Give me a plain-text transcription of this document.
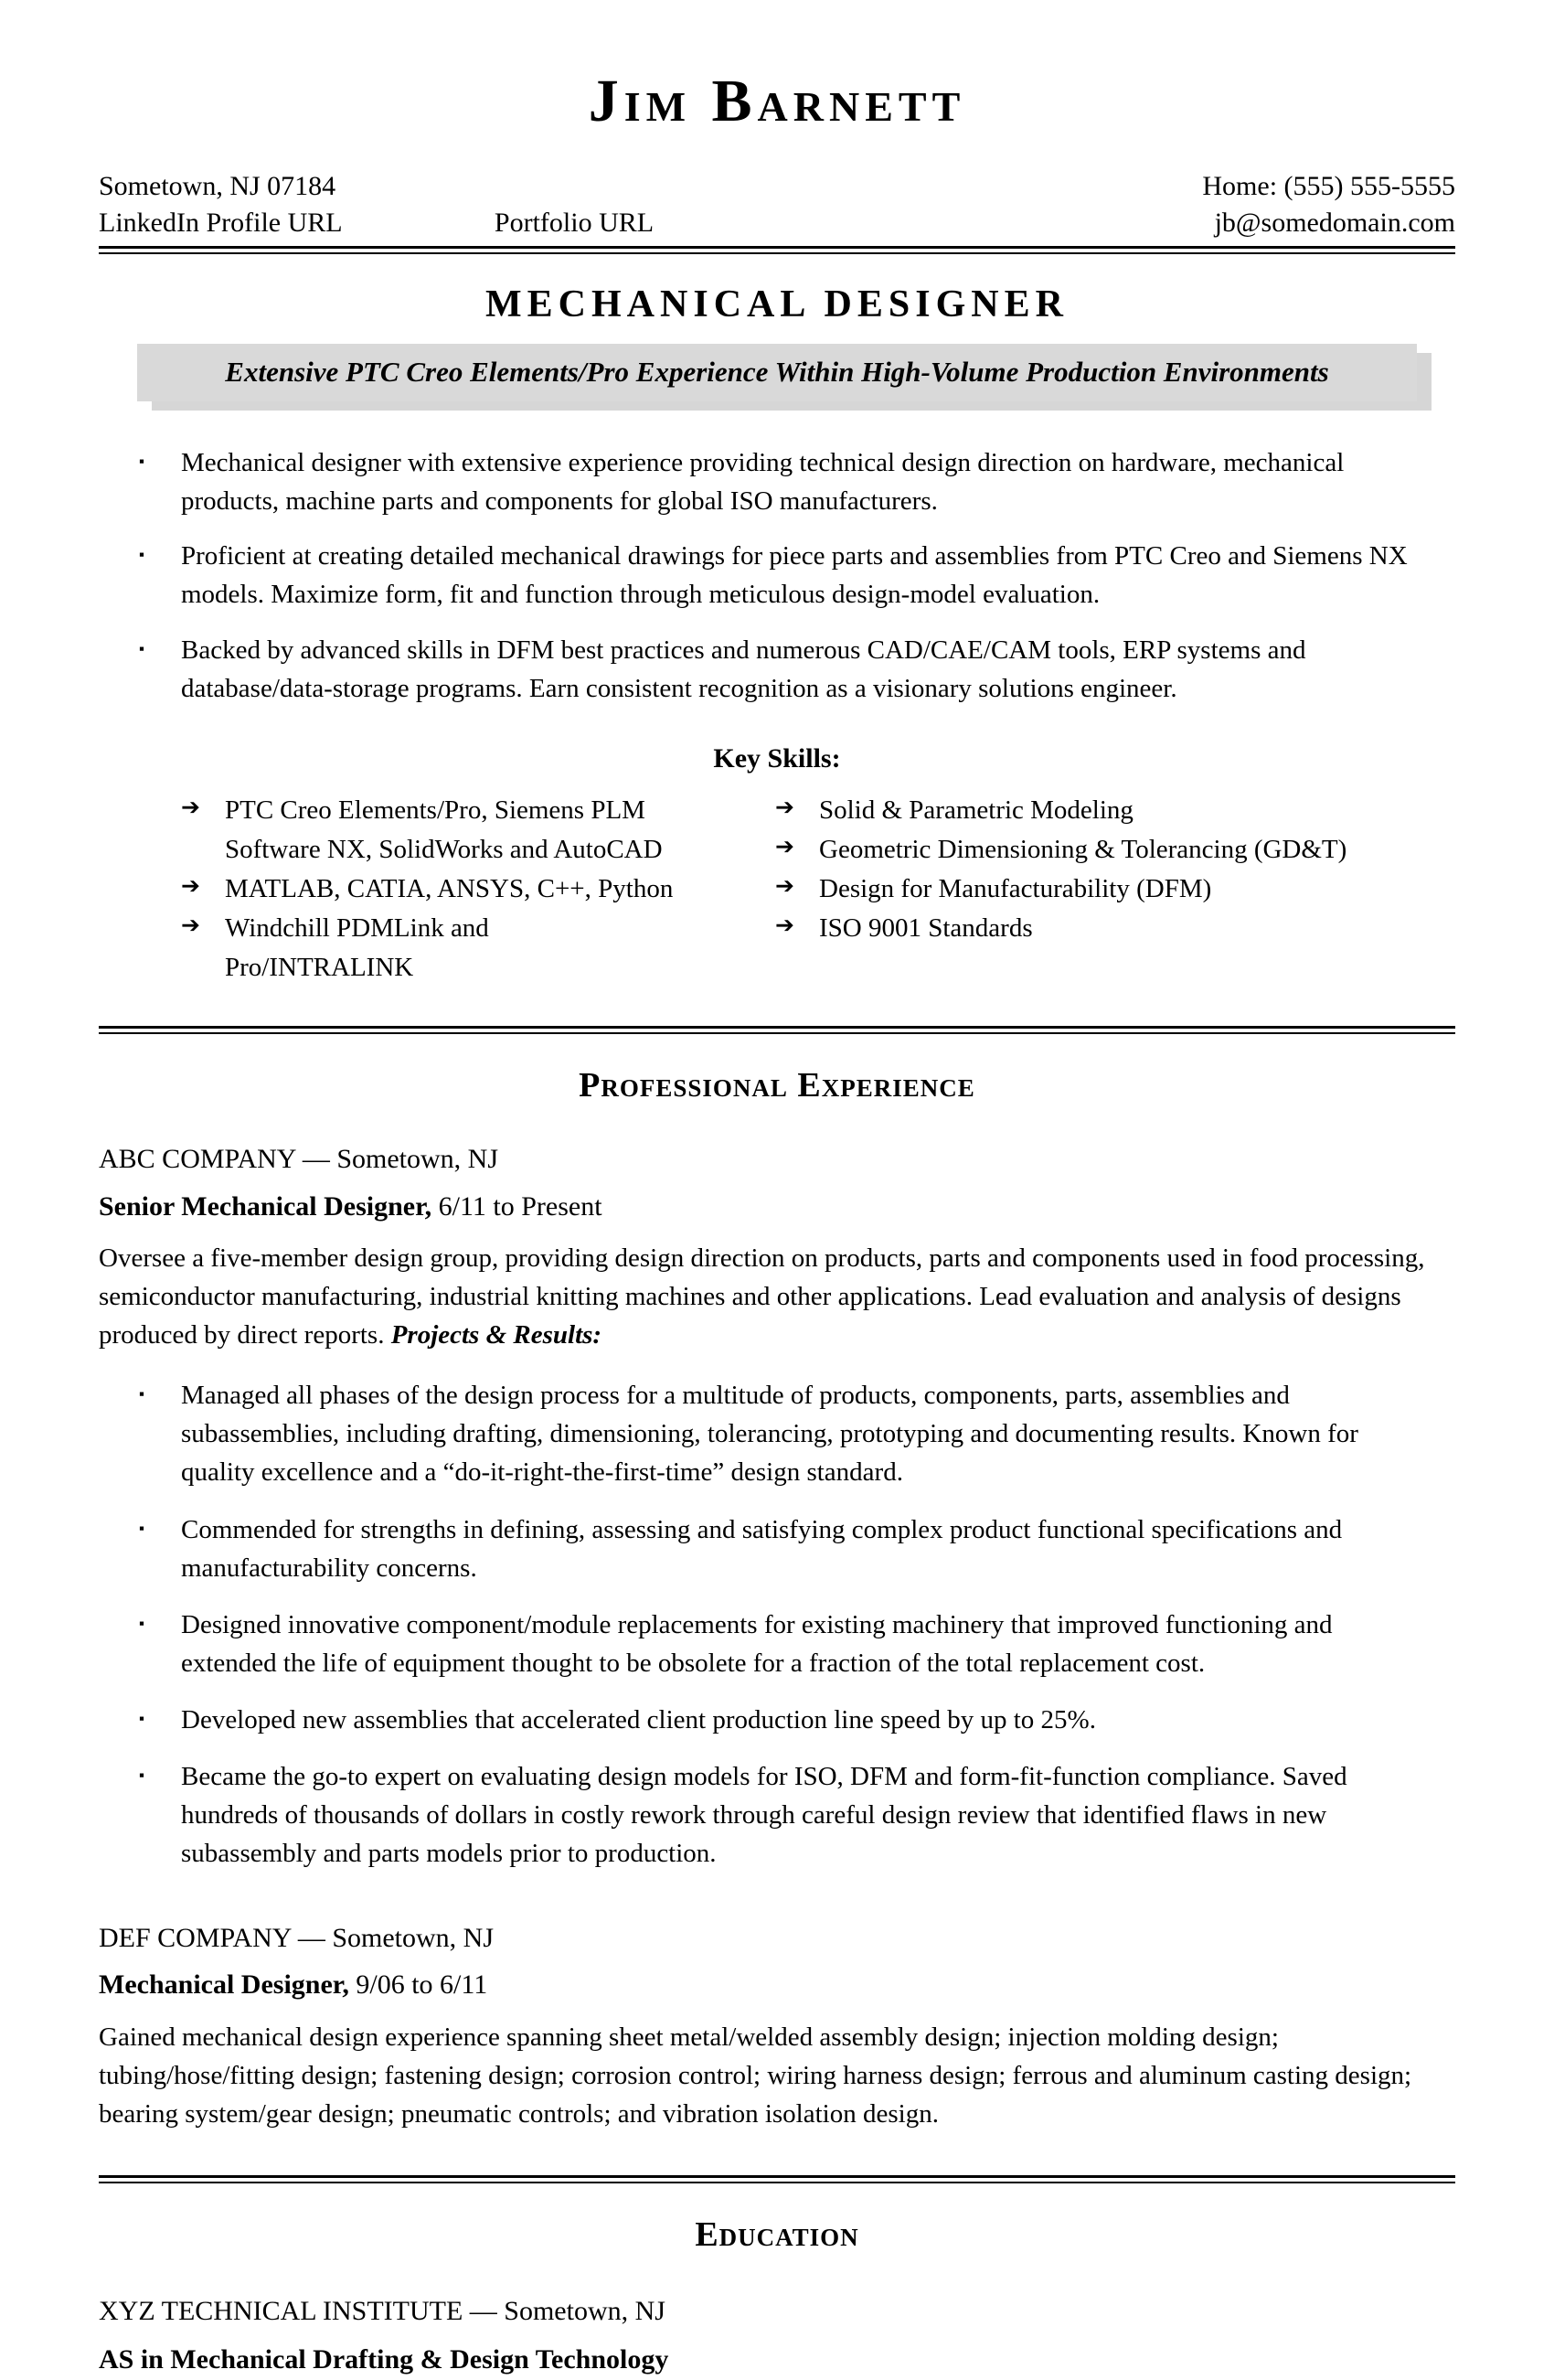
Jim Barnett
Sometown, NJ 07184	Home: (555) 555-5555
LinkedIn Profile URL	Portfolio URL	jb@somedomain.com
MECHANICAL DESIGNER
Extensive PTC Creo Elements/Pro Experience Within High-Volume Production Environments
▪	Mechanical designer with extensive experience providing technical design direction on hardware, mechanical products, machine parts and components for global ISO manufacturers.
▪	Proficient at creating detailed mechanical drawings for piece parts and assemblies from PTC Creo and Siemens NX models. Maximize form, fit and function through meticulous design-model evaluation.
▪	Backed by advanced skills in DFM best practices and numerous CAD/CAE/CAM tools, ERP systems and database/data-storage programs. Earn consistent recognition as a visionary solutions engineer.
Key Skills:
➔ PTC Creo Elements/Pro, Siemens PLM Software NX, SolidWorks and AutoCAD
➔ MATLAB, CATIA, ANSYS, C++, Python
➔ Windchill PDMLink and Pro/INTRALINK
➔ Solid & Parametric Modeling
➔ Geometric Dimensioning & Tolerancing (GD&T)
➔ Design for Manufacturability (DFM)
➔ ISO 9001 Standards
Professional Experience
ABC COMPANY — Sometown, NJ
Senior Mechanical Designer, 6/11 to Present

Oversee a five-member design group, providing design direction on products, parts and components used in food processing, semiconductor manufacturing, industrial knitting machines and other applications. Lead evaluation and analysis of designs produced by direct reports. Projects & Results:

▪	Managed all phases of the design process for a multitude of products, components, parts, assemblies and subassemblies, including drafting, dimensioning, tolerancing, prototyping and documenting results. Known for quality excellence and a “do-it-right-the-first-time” design standard.
▪	Commended for strengths in defining, assessing and satisfying complex product functional specifications and manufacturability concerns.
▪	Designed innovative component/module replacements for existing machinery that improved functioning and extended the life of equipment thought to be obsolete for a fraction of the total replacement cost.
▪	Developed new assemblies that accelerated client production line speed by up to 25%.
▪	Became the go-to expert on evaluating design models for ISO, DFM and form-fit-function compliance. Saved hundreds of thousands of dollars in costly rework through careful design review that identified flaws in new subassembly and parts models prior to production.
DEF COMPANY — Sometown, NJ
Mechanical Designer, 9/06 to 6/11

Gained mechanical design experience spanning sheet metal/welded assembly design; injection molding design; tubing/hose/fitting design; fastening design; corrosion control; wiring harness design; ferrous and aluminum casting design; bearing system/gear design; pneumatic controls; and vibration isolation design.

Education
XYZ TECHNICAL INSTITUTE — Sometown, NJ
AS in Mechanical Drafting & Design Technology
